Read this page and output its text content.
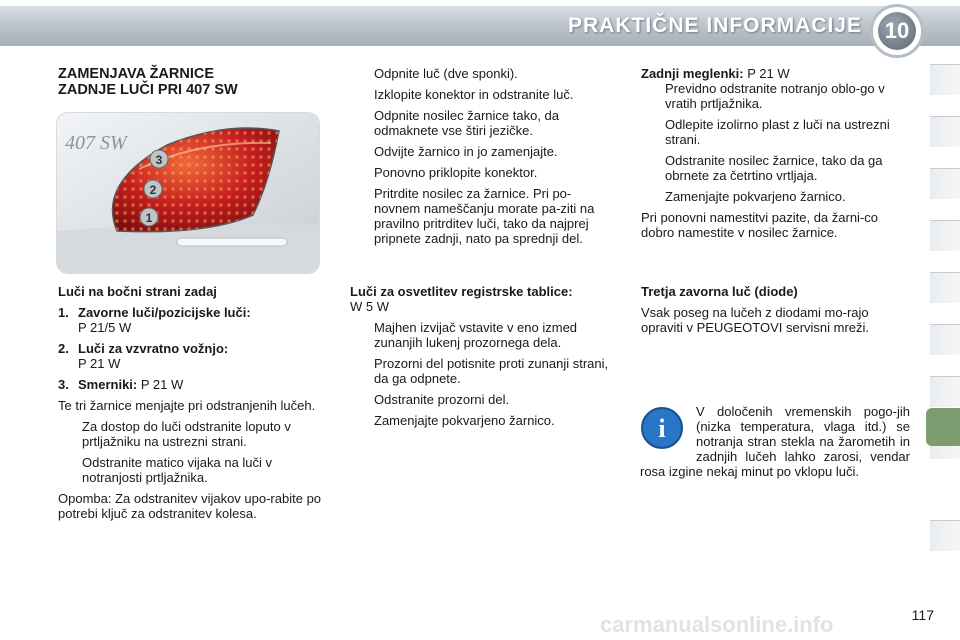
PRAKTIČNE INFORMACIJE	10

ZAMENJAVA ŽARNICE

ZADNJE LUČI PRI 407 SW

407 SW
3
2
1

Luči na bočni strani zadaj

1. Zavorne luči/pozicijske luči:
P 21/5 W
2. Luči za vzvratno vožnjo:
P 21 W
3. Smerniki: P 21 W

Te tri žarnice menjajte pri odstranjenih lučeh.

Za dostop do luči odstranite loputo v prtljažniku na ustrezni strani.
Odstranite matico vijaka na luči v notranjosti prtljažnika.

Opomba: Za odstranitev vijakov upo-rabite po potrebi ključ za odstranitev kolesa.

Odpnite luč (dve sponki).
Izklopite konektor in odstranite luč.
Odpnite nosilec žarnice tako, da odmaknete vse štiri jezičke.
Odvijte žarnico in jo zamenjajte.
Ponovno priklopite konektor.
Pritrdite nosilec za žarnice. Pri po-novnem nameščanju morate pa-ziti na pravilno pritrditev luči, tako da najprej pripnete zadnji, nato pa sprednji del.

Luči za osvetlitev registrske tablice:
W 5 W

Majhen izvijač vstavite v eno izmed zunanjih lukenj prozornega dela.
Prozorni del potisnite proti zunanji strani, da ga odpnete.
Odstranite prozorni del.
Zamenjajte pokvarjeno žarnico.

Zadnji meglenki: P 21 W

Previdno odstranite notranjo oblo-go v vratih prtljažnika.
Odlepite izolirno plast z luči na ustrezni strani.
Odstranite nosilec žarnice, tako da ga obrnete za četrtino vrtljaja.
Zamenjajte pokvarjeno žarnico.

Pri ponovni namestitvi pazite, da žarni-co dobro namestite v nosilec žarnice.

Tretja zavorna luč (diode)

Vsak poseg na lučeh z diodami mo-rajo opraviti v PEUGEOTOVI servisni mreži.

i

V določenih vremenskih pogo-jih (nizka temperatura, vlaga itd.) se notranja stran stekla na žarometih in zadnjih lučeh lahko zarosi, vendar rosa izgine nekaj minut po vklopu luči.

carmanualsonline.info	117
